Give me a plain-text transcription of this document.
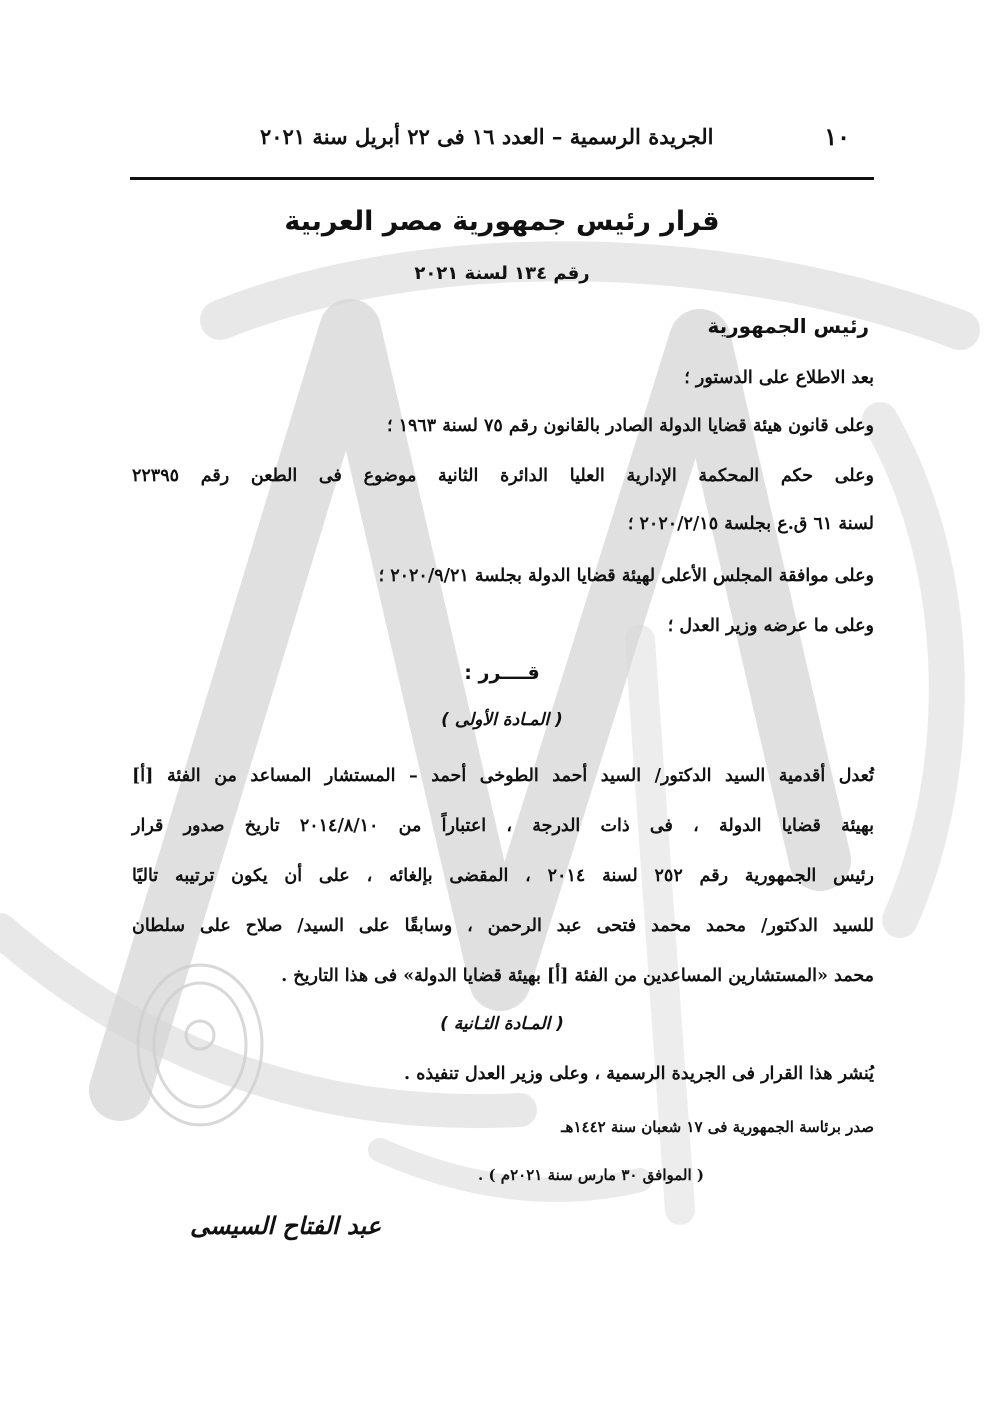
١٠
الجريدة الرسمية – العدد ١٦ فى ٢٢ أبريل سنة ٢٠٢١
قرار رئيس جمهورية مصر العربية
رقم ١٣٤ لسنة ٢٠٢١
رئيس الجمهورية
بعد الاطلاع على الدستور ؛
وعلى قانون هيئة قضايا الدولة الصادر بالقانون رقم ٧٥ لسنة ١٩٦٣ ؛
وعلى حكم المحكمة الإدارية العليا الدائرة الثانية موضوع فى الطعن رقم ٢٢٣٩٥
لسنة ٦١ ق.ع بجلسة ٢٠٢٠/٢/١٥ ؛
وعلى موافقة المجلس الأعلى لهيئة قضايا الدولة بجلسة ٢٠٢٠/٩/٢١ ؛
وعلى ما عرضه وزير العدل ؛
قــــرر :
( المـادة الأولى )
تُعدل أقدمية السيد الدكتور/ السيد أحمد الطوخى أحمد – المستشار المساعد من الفئة [أ]
بهيئة قضايا الدولة ، فى ذات الدرجة ، اعتباراً من ٢٠١٤/٨/١٠ تاريخ صدور قرار
رئيس الجمهورية رقم ٢٥٢ لسنة ٢٠١٤ ، المقضى بإلغائه ، على أن يكون ترتيبه تاليًا
للسيد الدكتور/ محمد محمد فتحى عبد الرحمن ، وسابقًا على السيد/ صلاح على سلطان
محمد «المستشارين المساعدين من الفئة [أ] بهيئة قضايا الدولة» فى هذا التاريخ .
( المـادة الثـانية )
يُنشر هذا القرار فى الجريدة الرسمية ، وعلى وزير العدل تنفيذه .
صدر برئاسة الجمهورية فى ١٧ شعبان سنة ١٤٤٢هـ
( الموافق ٣٠ مارس سنة ٢٠٢١م ) .
عبد الفتاح السيسى
